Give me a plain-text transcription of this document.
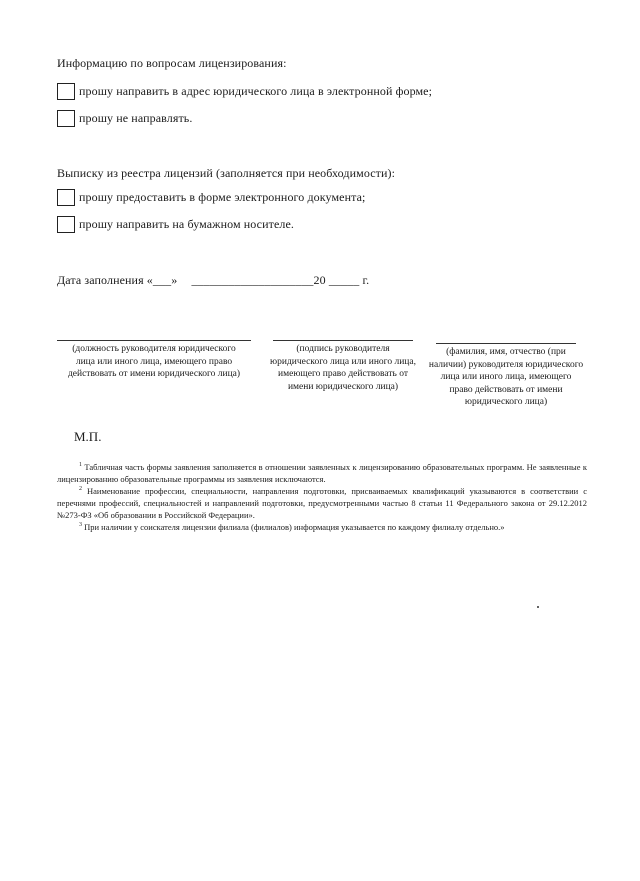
Информацию по вопросам лицензирования:
прошу направить в адрес юридического лица в электронной форме;
прошу не направлять.
Выписку из реестра лицензий (заполняется при необходимости):
прошу предоставить в форме электронного документа;
прошу направить на бумажном носителе.
Дата заполнения «___» ____________________20 _____ г.
(должность руководителя юридического лица или иного лица, имеющего право действовать от имени юридического лица)
(подпись руководителя юридического лица или иного лица, имеющего право действовать от имени юридического лица)
(фамилия, имя, отчество (при наличии) руководителя юридического лица или иного лица, имеющего право действовать от имени юридического лица)
М.П.

$^1$ Табличная часть формы заявления заполняется в отношении заявленных к лицензированию образовательных программ. Не заявленные к лицензированию образовательные программы из заявления исключаются.

$^2$ Наименование профессии, специальности, направления подготовки, присваиваемых квалификаций указываются в соответствии с перечнями профессий, специальностей и направлений подготовки, предусмотренными частью 8 статьи 11 Федерального закона от 29.12.2012 №273-ФЗ «Об образовании в Российской Федерации».

$^3$ При наличии у соискателя лицензии филиала (филиалов) информация указывается по каждому филиалу отдельно.»
